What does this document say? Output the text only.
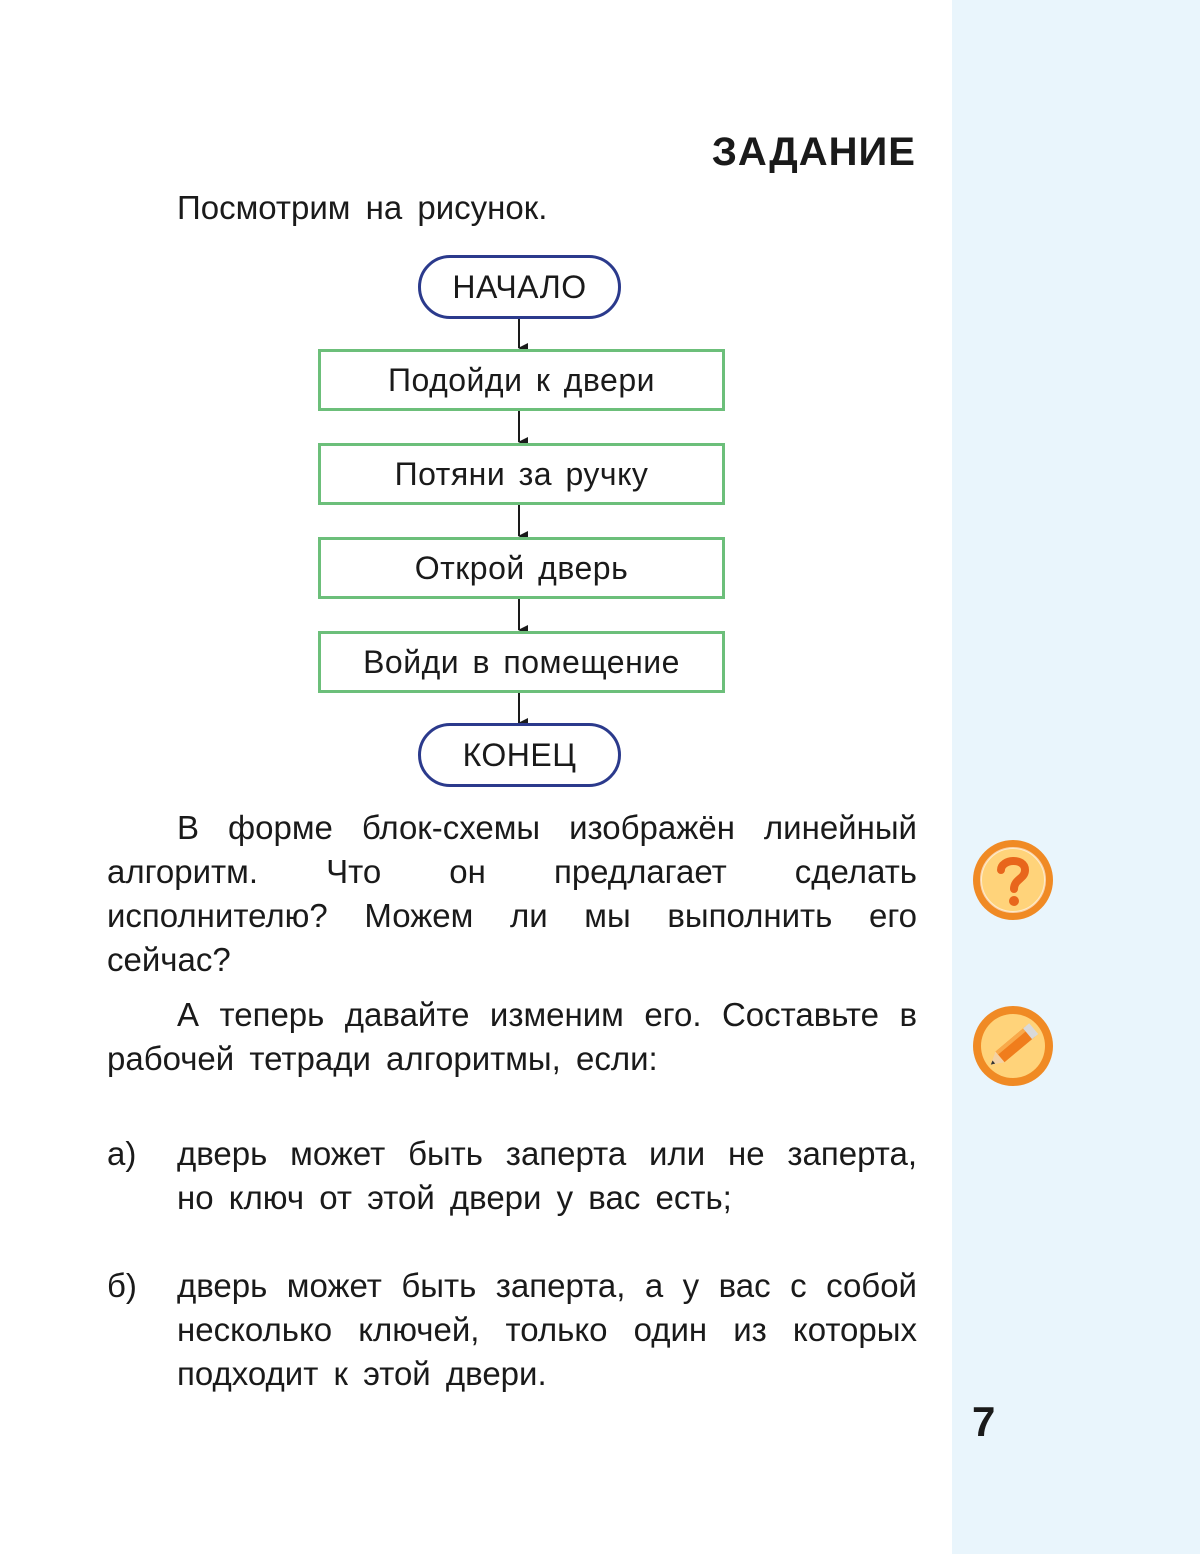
ЗАДАНИЕ
Посмотрим на рисунок.
НАЧАЛО
Подойди к двери
Потяни за ручку
Открой дверь
Войди в помещение
КОНЕЦ

В форме блок-схемы изображён линейный алгоритм. Что он предлагает сделать исполнителю? Можем ли мы выполнить его сейчас?

А теперь давайте изменим его. Составьте в рабочей тетради алгоритмы, если:

а)	дверь может быть заперта или не заперта, но ключ от этой двери у вас есть;
б)	дверь может быть заперта, а у вас с собой несколько ключей, только один из которых подходит к этой двери.
7
